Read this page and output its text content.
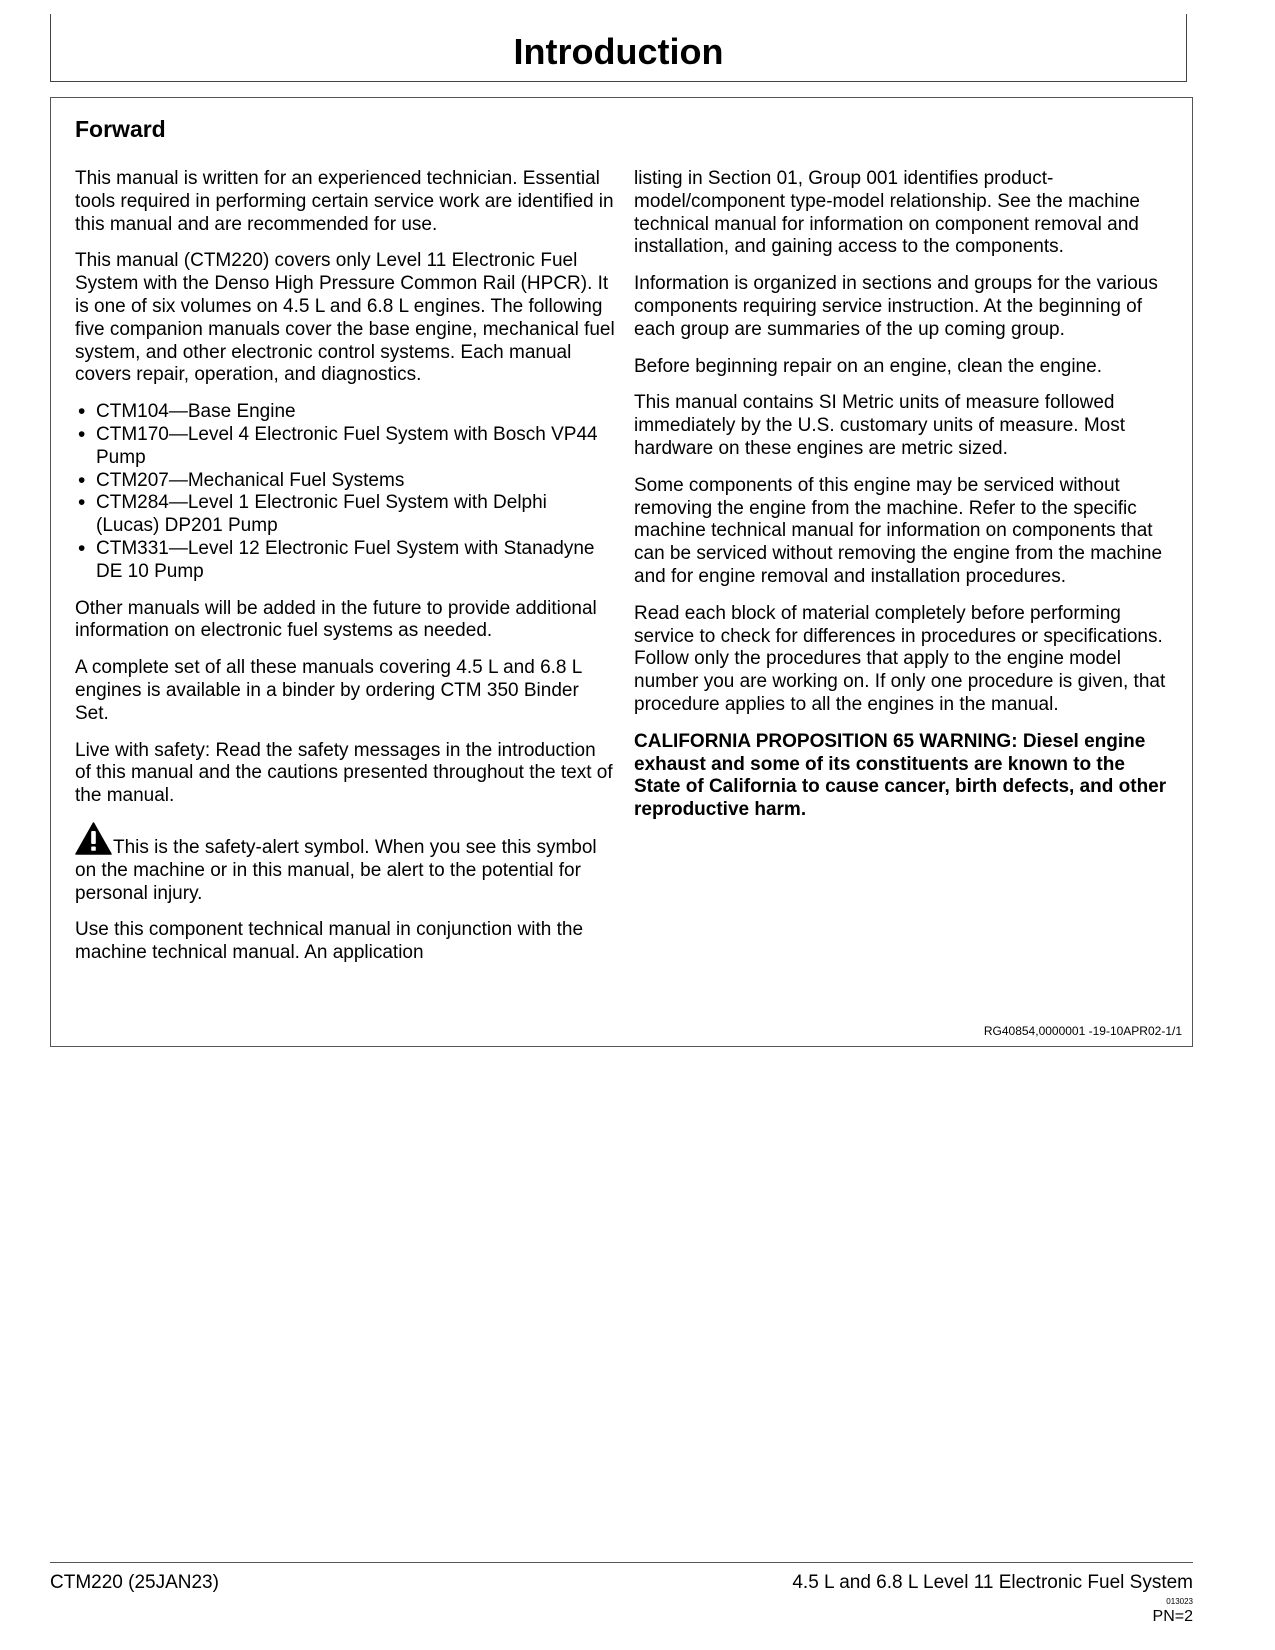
Introduction
Forward

This manual is written for an experienced technician. Essential tools required in performing certain service work are identified in this manual and are recommended for use.

This manual (CTM220) covers only Level 11 Electronic Fuel System with the Denso High Pressure Common Rail (HPCR). It is one of six volumes on 4.5 L and 6.8 L engines. The following five companion manuals cover the base engine, mechanical fuel system, and other electronic control systems. Each manual covers repair, operation, and diagnostics.

• CTM104—Base Engine
• CTM170—Level 4 Electronic Fuel System with Bosch VP44 Pump
• CTM207—Mechanical Fuel Systems
• CTM284—Level 1 Electronic Fuel System with Delphi (Lucas) DP201 Pump
• CTM331—Level 12 Electronic Fuel System with Stanadyne DE 10 Pump

Other manuals will be added in the future to provide additional information on electronic fuel systems as needed.

A complete set of all these manuals covering 4.5 L and 6.8 L engines is available in a binder by ordering CTM 350 Binder Set.

Live with safety: Read the safety messages in the introduction of this manual and the cautions presented throughout the text of the manual.

This is the safety-alert symbol. When you see this symbol on the machine or in this manual, be alert to the potential for personal injury.

Use this component technical manual in conjunction with the machine technical manual. An application

listing in Section 01, Group 001 identifies product-model/component type-model relationship. See the machine technical manual for information on component removal and installation, and gaining access to the components.

Information is organized in sections and groups for the various components requiring service instruction. At the beginning of each group are summaries of the up coming group.

Before beginning repair on an engine, clean the engine.

This manual contains SI Metric units of measure followed immediately by the U.S. customary units of measure. Most hardware on these engines are metric sized.

Some components of this engine may be serviced without removing the engine from the machine. Refer to the specific machine technical manual for information on components that can be serviced without removing the engine from the machine and for engine removal and installation procedures.

Read each block of material completely before performing service to check for differences in procedures or specifications. Follow only the procedures that apply to the engine model number you are working on. If only one procedure is given, that procedure applies to all the engines in the manual.

CALIFORNIA PROPOSITION 65 WARNING: Diesel engine exhaust and some of its constituents are known to the State of California to cause cancer, birth defects, and other reproductive harm.

RG40854,0000001 -19-10APR02-1/1
CTM220 (25JAN23)	4.5 L and 6.8 L Level 11 Electronic Fuel System
013023
PN=2
